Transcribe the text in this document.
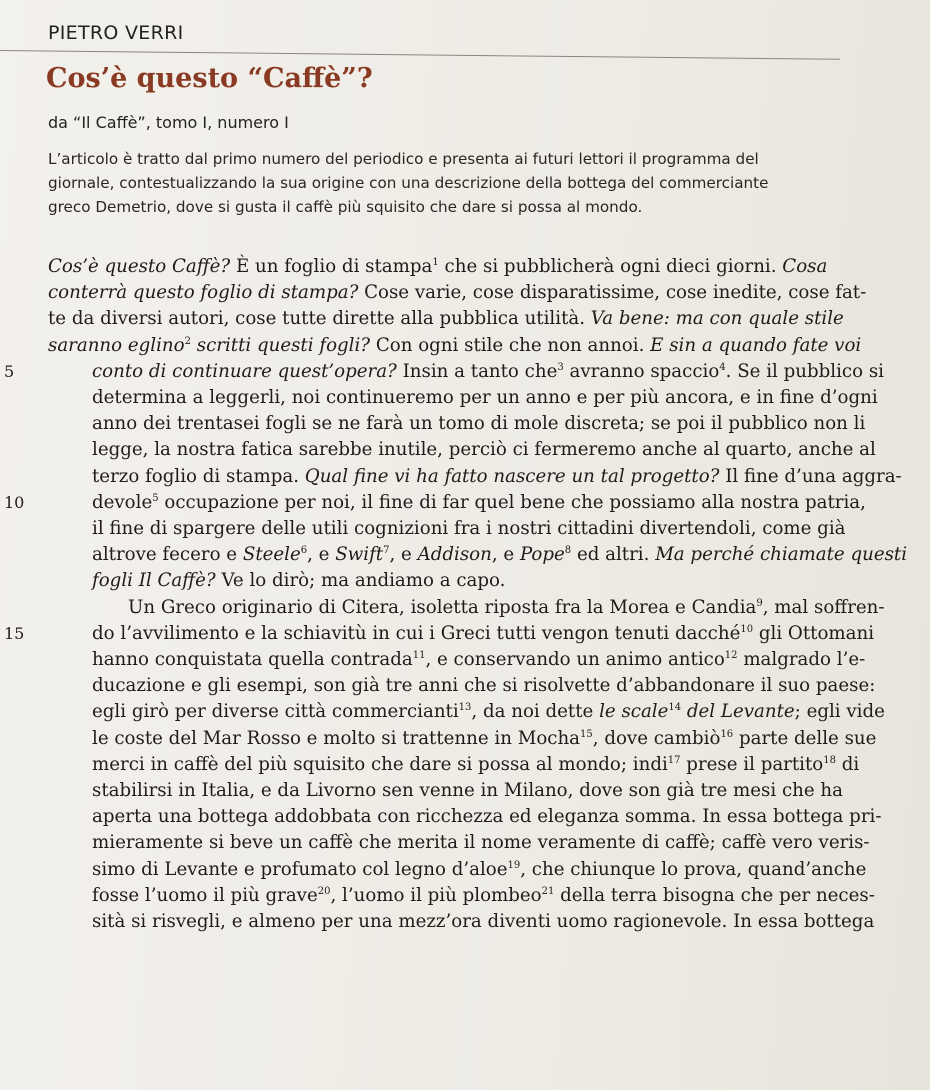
PIETRO VERRI
Cos’è questo “Caffè”?
da “Il Caffè”, tomo I, numero I
L’articolo è tratto dal primo numero del periodico e presenta ai futuri lettori il programma del
giornale, contestualizzando la sua origine con una descrizione della bottega del commerciante
greco Demetrio, dove si gusta il caffè più squisito che dare si possa al mondo.
Cos’è questo Caffè? È un foglio di stampa$^1$ che si pubblicherà ogni dieci giorni. Cosa
conterrà questo foglio di stampa? Cose varie, cose disparatissime, cose inedite, cose fat-
te da diversi autori, cose tutte dirette alla pubblica utilità. Va bene: ma con quale stile
saranno eglino$^2$ scritti questi fogli? Con ogni stile che non annoi. E sin a quando fate voi
5	conto di continuare quest’opera? Insin a tanto che$^3$ avranno spaccio$^4$. Se il pubblico si
determina a leggerli, noi continueremo per un anno e per più ancora, e in fine d’ogni
anno dei trentasei fogli se ne farà un tomo di mole discreta; se poi il pubblico non li
legge, la nostra fatica sarebbe inutile, perciò ci fermeremo anche al quarto, anche al
terzo foglio di stampa. Qual fine vi ha fatto nascere un tal progetto? Il fine d’una aggra-
10	devole$^5$ occupazione per noi, il fine di far quel bene che possiamo alla nostra patria,
il fine di spargere delle utili cognizioni fra i nostri cittadini divertendoli, come già
altrove fecero e Steele$^6$, e Swift$^7$, e Addison, e Pope$^8$ ed altri. Ma perché chiamate questi
fogli Il Caffè? Ve lo dirò; ma andiamo a capo.
Un Greco originario di Citera, isoletta riposta fra la Morea e Candia$^9$, mal soffren-
15	do l’avvilimento e la schiavitù in cui i Greci tutti vengon tenuti dacché$^{10}$ gli Ottomani
hanno conquistata quella contrada$^{11}$, e conservando un animo antico$^{12}$ malgrado l’e-
ducazione e gli esempi, son già tre anni che si risolvette d’abbandonare il suo paese:
egli girò per diverse città commercianti$^{13}$, da noi dette le scale$^{14}$ del Levante; egli vide
le coste del Mar Rosso e molto si trattenne in Mocha$^{15}$, dove cambiò$^{16}$ parte delle sue
merci in caffè del più squisito che dare si possa al mondo; indi$^{17}$ prese il partito$^{18}$ di
stabilirsi in Italia, e da Livorno sen venne in Milano, dove son già tre mesi che ha
aperta una bottega addobbata con ricchezza ed eleganza somma. In essa bottega pri-
mieramente si beve un caffè che merita il nome veramente di caffè; caffè vero veris-
simo di Levante e profumato col legno d’aloe$^{19}$, che chiunque lo prova, quand’anche
fosse l’uomo il più grave$^{20}$, l’uomo il più plombeo$^{21}$ della terra bisogna che per neces-
sità si risvegli, e almeno per una mezz’ora diventi uomo ragionevole. In essa bottega
